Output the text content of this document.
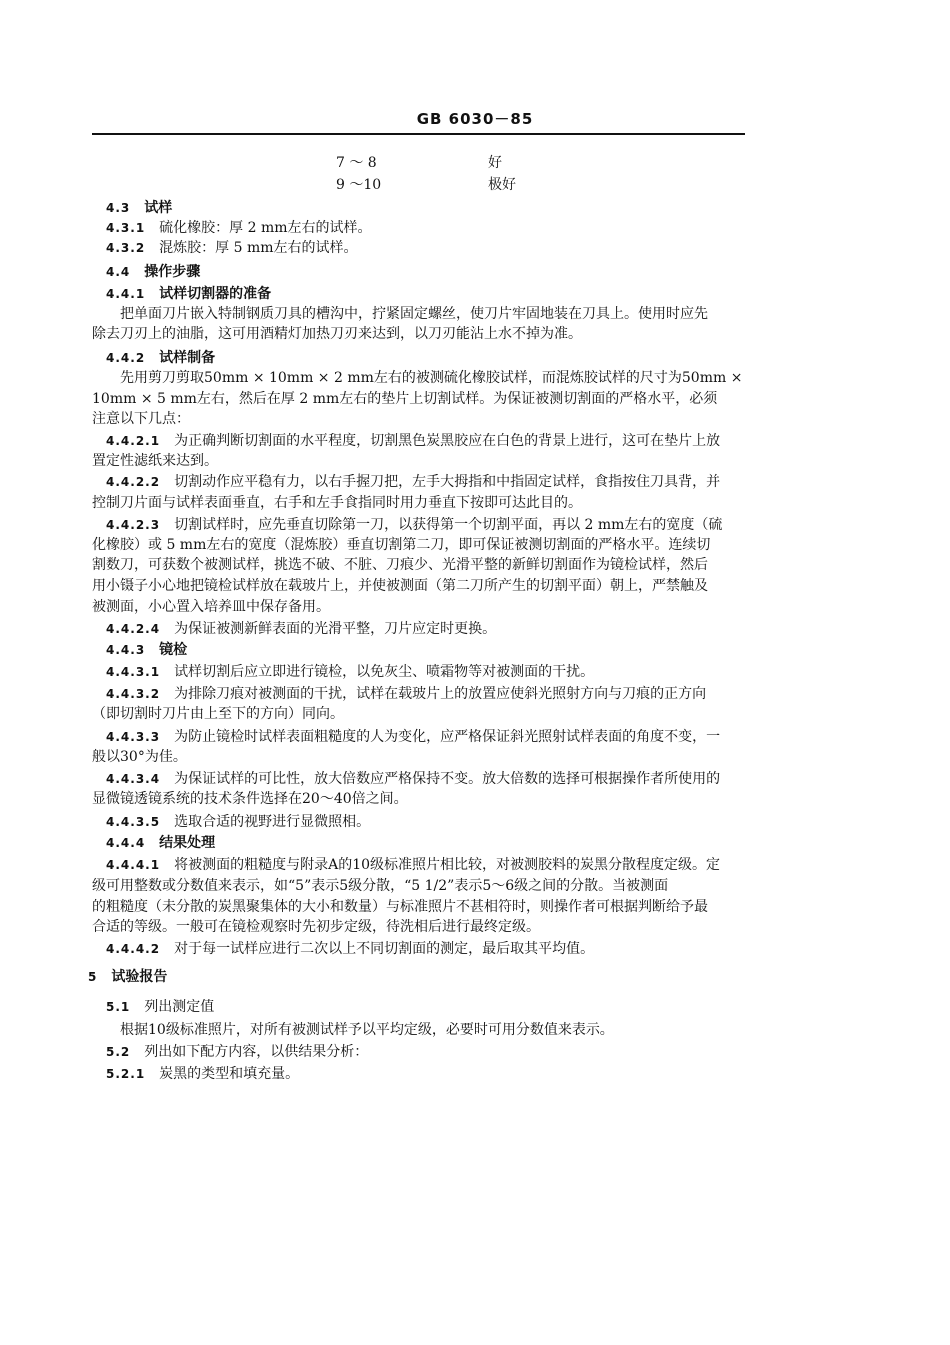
GB 6030－85
7 ～ 8	好
9 ～10	极好
4.3 试样
4.3.1 硫化橡胶：厚 2 mm左右的试样。
4.3.2 混炼胶：厚 5 mm左右的试样。
4.4 操作步骤
4.4.1 试样切割器的准备
把单面刀片嵌入特制钢质刀具的槽沟中，拧紧固定螺丝，使刀片牢固地装在刀具上。使用时应先
除去刀刃上的油脂，这可用酒精灯加热刀刃来达到，以刀刃能沾上水不掉为准。
4.4.2 试样制备
先用剪刀剪取50mm × 10mm × 2 mm左右的被测硫化橡胶试样，而混炼胶试样的尺寸为50mm ×
10mm × 5 mm左右，然后在厚 2 mm左右的垫片上切割试样。为保证被测切割面的严格水平，必须
注意以下几点：
4.4.2.1 为正确判断切割面的水平程度，切割黑色炭黑胶应在白色的背景上进行，这可在垫片上放
置定性滤纸来达到。
4.4.2.2 切割动作应平稳有力，以右手握刀把，左手大拇指和中指固定试样，食指按住刀具背，并
控制刀片面与试样表面垂直，右手和左手食指同时用力垂直下按即可达此目的。
4.4.2.3 切割试样时，应先垂直切除第一刀，以获得第一个切割平面，再以 2 mm左右的宽度（硫
化橡胶）或 5 mm左右的宽度（混炼胶）垂直切割第二刀，即可保证被测切割面的严格水平。连续切
割数刀，可获数个被测试样，挑选不破、不脏、刀痕少、光滑平整的新鲜切割面作为镜检试样，然后
用小镊子小心地把镜检试样放在载玻片上，并使被测面（第二刀所产生的切割平面）朝上，严禁触及
被测面，小心置入培养皿中保存备用。
4.4.2.4 为保证被测新鲜表面的光滑平整，刀片应定时更换。
4.4.3 镜检
4.4.3.1 试样切割后应立即进行镜检，以免灰尘、喷霜物等对被测面的干扰。
4.4.3.2 为排除刀痕对被测面的干扰，试样在载玻片上的放置应使斜光照射方向与刀痕的正方向
（即切割时刀片由上至下的方向）同向。
4.4.3.3 为防止镜检时试样表面粗糙度的人为变化，应严格保证斜光照射试样表面的角度不变，一
般以30°为佳。
4.4.3.4 为保证试样的可比性，放大倍数应严格保持不变。放大倍数的选择可根据操作者所使用的
显微镜透镜系统的技术条件选择在20～40倍之间。
4.4.3.5 选取合适的视野进行显微照相。
4.4.4 结果处理
4.4.4.1 将被测面的粗糙度与附录A的10级标准照片相比较，对被测胶料的炭黑分散程度定级。定
级可用整数或分数值来表示，如“5”表示5级分散，“5 1/2”表示5～6级之间的分散。当被测面
的粗糙度（未分散的炭黑聚集体的大小和数量）与标准照片不甚相符时，则操作者可根据判断给予最
合适的等级。一般可在镜检观察时先初步定级，待洗相后进行最终定级。
4.4.4.2 对于每一试样应进行二次以上不同切割面的测定，最后取其平均值。
5 试验报告
5.1 列出测定值
根据10级标准照片，对所有被测试样予以平均定级，必要时可用分数值来表示。
5.2 列出如下配方内容，以供结果分析：
5.2.1 炭黑的类型和填充量。
